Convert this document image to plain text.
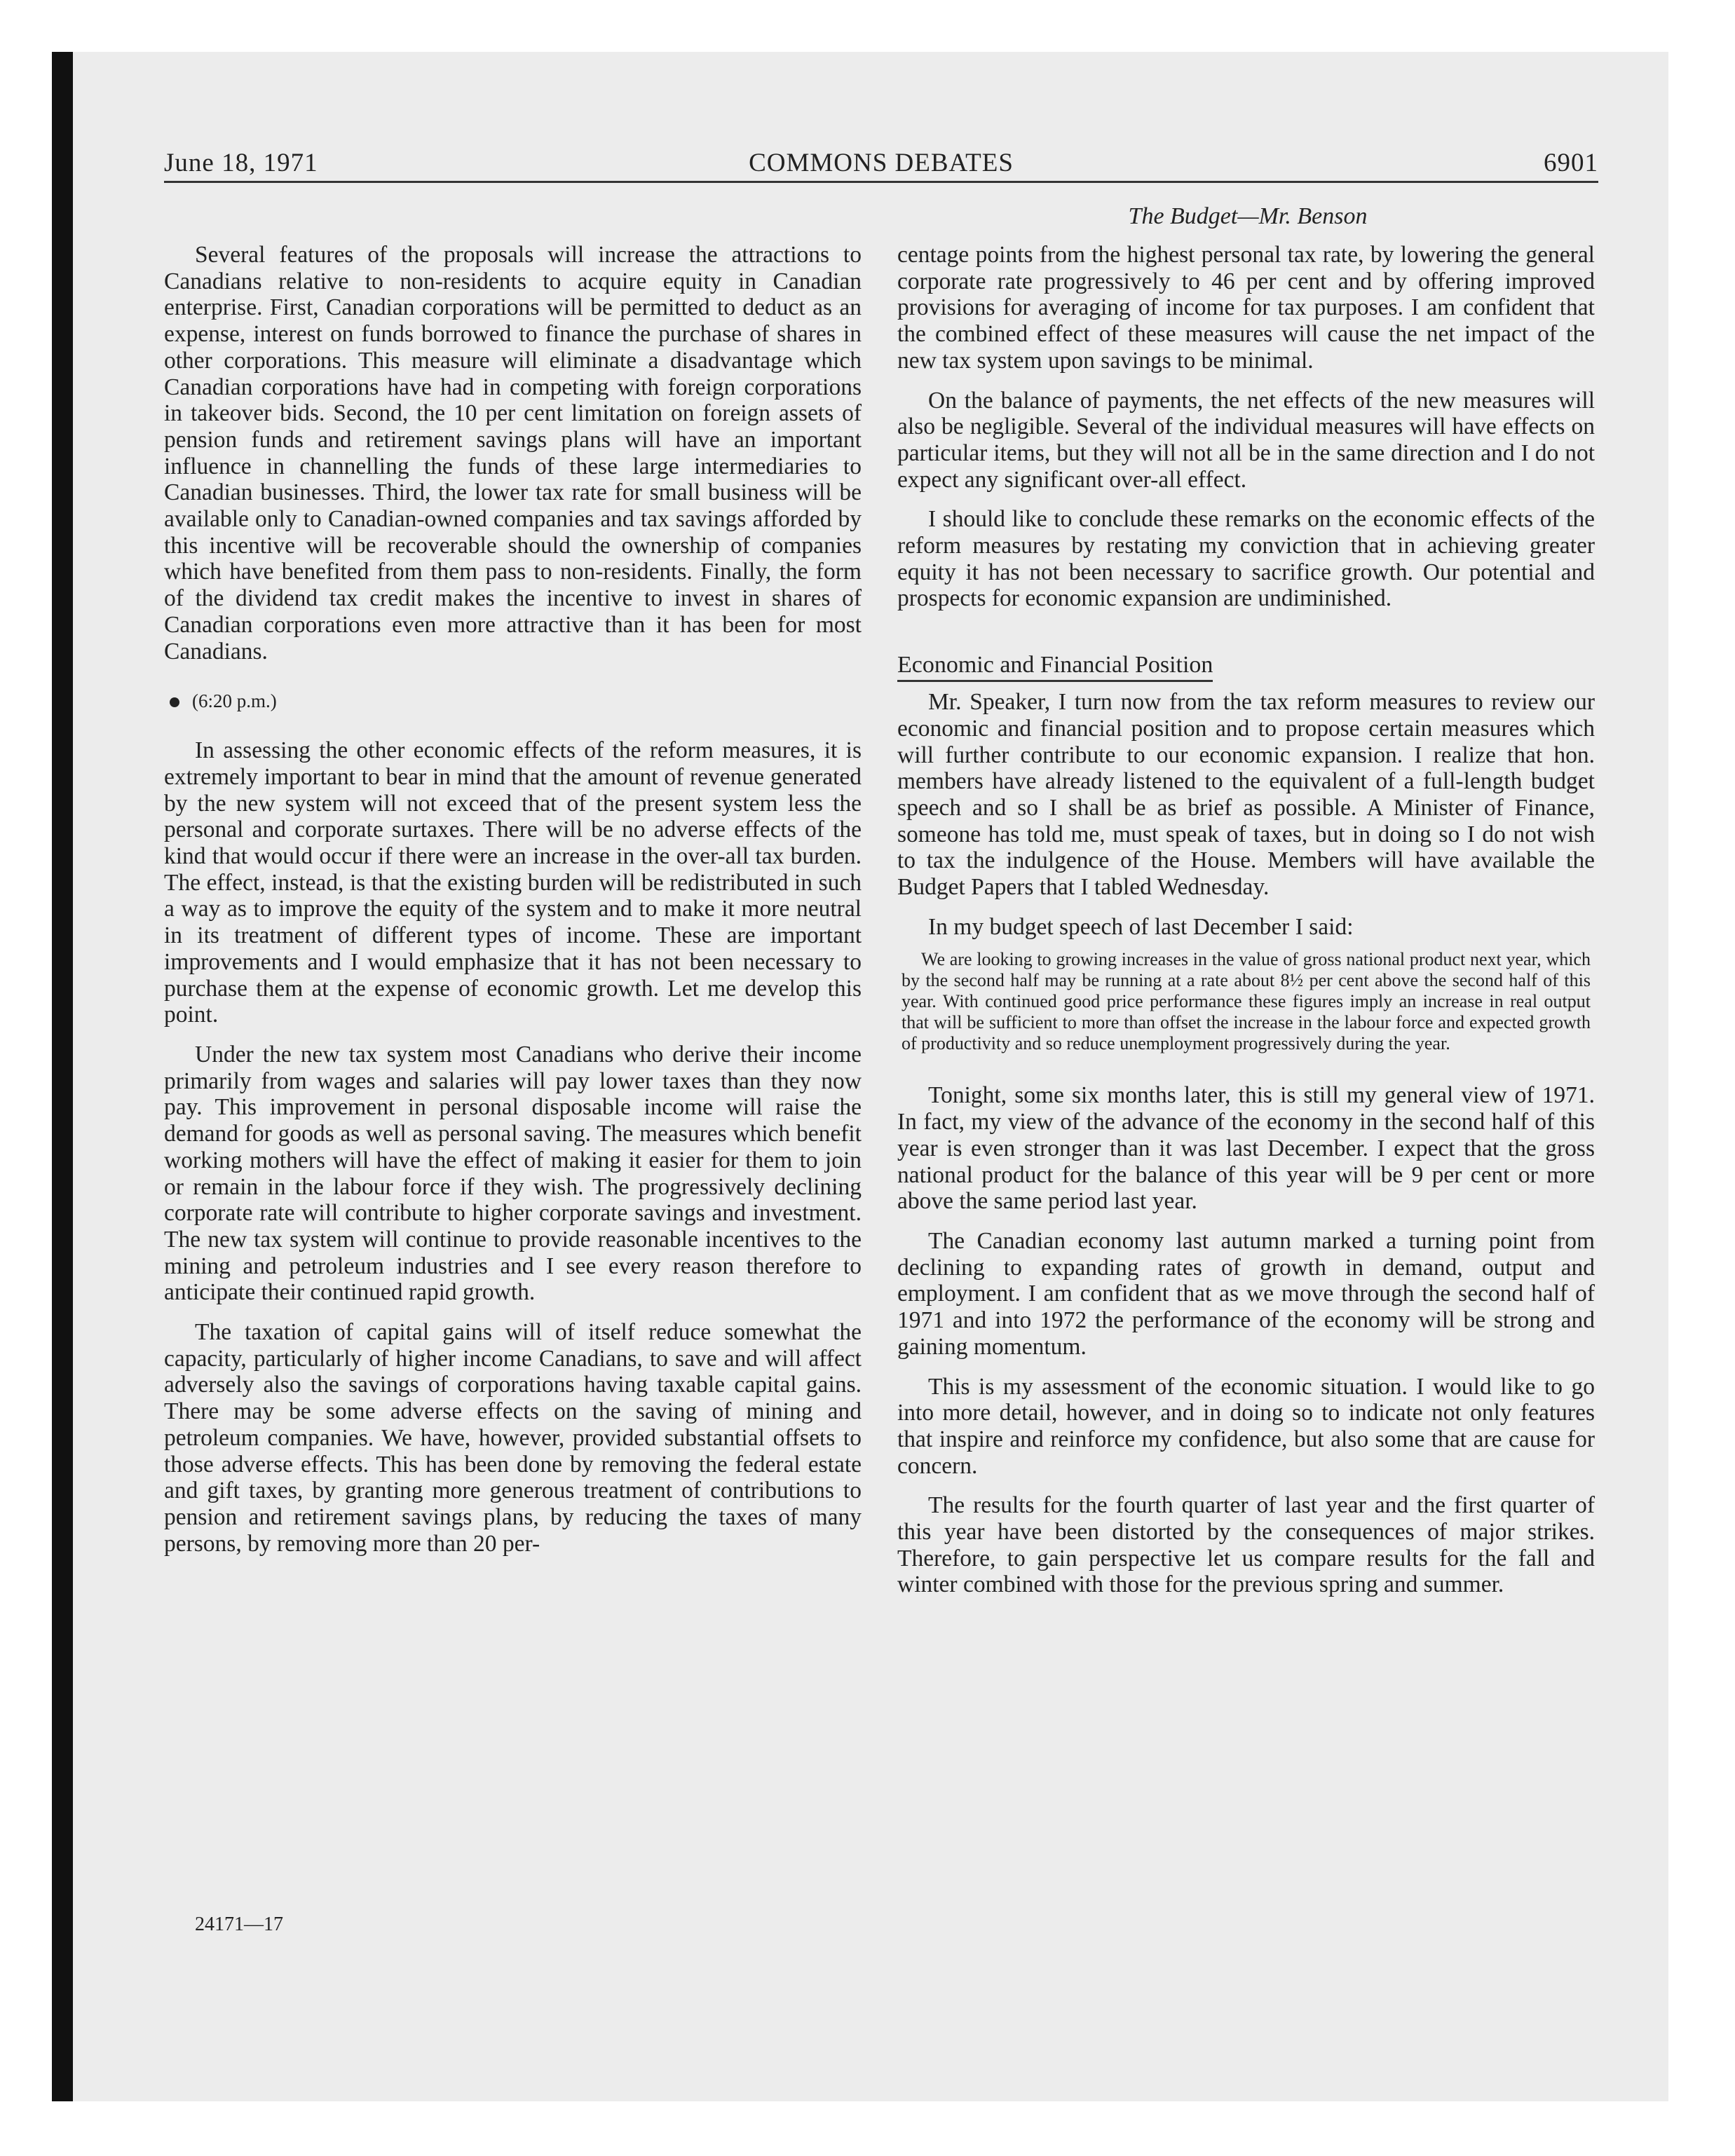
June 18, 1971	COMMONS DEBATES	6901
The Budget—Mr. Benson

Several features of the proposals will increase the attractions to Canadians relative to non-residents to acquire equity in Canadian enterprise. First, Canadian corporations will be permitted to deduct as an expense, interest on funds borrowed to finance the purchase of shares in other corporations. This measure will eliminate a disadvantage which Canadian corporations have had in competing with foreign corporations in takeover bids. Second, the 10 per cent limitation on foreign assets of pension funds and retirement savings plans will have an important influence in channelling the funds of these large intermediaries to Canadian businesses. Third, the lower tax rate for small business will be available only to Canadian-owned companies and tax savings afforded by this incentive will be recoverable should the ownership of companies which have benefited from them pass to non-residents. Finally, the form of the dividend tax credit makes the incentive to invest in shares of Canadian corporations even more attractive than it has been for most Canadians.

(6:20 p.m.)

In assessing the other economic effects of the reform measures, it is extremely important to bear in mind that the amount of revenue generated by the new system will not exceed that of the present system less the personal and corporate surtaxes. There will be no adverse effects of the kind that would occur if there were an increase in the over-all tax burden. The effect, instead, is that the existing burden will be redistributed in such a way as to improve the equity of the system and to make it more neutral in its treatment of different types of income. These are important improvements and I would emphasize that it has not been necessary to purchase them at the expense of economic growth. Let me develop this point.

Under the new tax system most Canadians who derive their income primarily from wages and salaries will pay lower taxes than they now pay. This improvement in personal disposable income will raise the demand for goods as well as personal saving. The measures which benefit working mothers will have the effect of making it easier for them to join or remain in the labour force if they wish. The progressively declining corporate rate will contribute to higher corporate savings and investment. The new tax system will continue to provide reasonable incentives to the mining and petroleum industries and I see every reason therefore to anticipate their continued rapid growth.

The taxation of capital gains will of itself reduce somewhat the capacity, particularly of higher income Canadians, to save and will affect adversely also the savings of corporations having taxable capital gains. There may be some adverse effects on the saving of mining and petroleum companies. We have, however, provided substantial offsets to those adverse effects. This has been done by removing the federal estate and gift taxes, by granting more generous treatment of contributions to pension and retirement savings plans, by reducing the taxes of many persons, by removing more than 20 per-

24171—17

centage points from the highest personal tax rate, by lowering the general corporate rate progressively to 46 per cent and by offering improved provisions for averaging of income for tax purposes. I am confident that the combined effect of these measures will cause the net impact of the new tax system upon savings to be minimal.

On the balance of payments, the net effects of the new measures will also be negligible. Several of the individual measures will have effects on particular items, but they will not all be in the same direction and I do not expect any significant over-all effect.

I should like to conclude these remarks on the economic effects of the reform measures by restating my conviction that in achieving greater equity it has not been necessary to sacrifice growth. Our potential and prospects for economic expansion are undiminished.

Economic and Financial Position

Mr. Speaker, I turn now from the tax reform measures to review our economic and financial position and to propose certain measures which will further contribute to our economic expansion. I realize that hon. members have already listened to the equivalent of a full-length budget speech and so I shall be as brief as possible. A Minister of Finance, someone has told me, must speak of taxes, but in doing so I do not wish to tax the indulgence of the House. Members will have available the Budget Papers that I tabled Wednesday.

In my budget speech of last December I said:

We are looking to growing increases in the value of gross national product next year, which by the second half may be running at a rate about 8½ per cent above the second half of this year. With continued good price performance these figures imply an increase in real output that will be sufficient to more than offset the increase in the labour force and expected growth of productivity and so reduce unemployment progressively during the year.

Tonight, some six months later, this is still my general view of 1971. In fact, my view of the advance of the economy in the second half of this year is even stronger than it was last December. I expect that the gross national product for the balance of this year will be 9 per cent or more above the same period last year.

The Canadian economy last autumn marked a turning point from declining to expanding rates of growth in demand, output and employment. I am confident that as we move through the second half of 1971 and into 1972 the performance of the economy will be strong and gaining momentum.

This is my assessment of the economic situation. I would like to go into more detail, however, and in doing so to indicate not only features that inspire and reinforce my confidence, but also some that are cause for concern.

The results for the fourth quarter of last year and the first quarter of this year have been distorted by the consequences of major strikes. Therefore, to gain perspective let us compare results for the fall and winter combined with those for the previous spring and summer.
